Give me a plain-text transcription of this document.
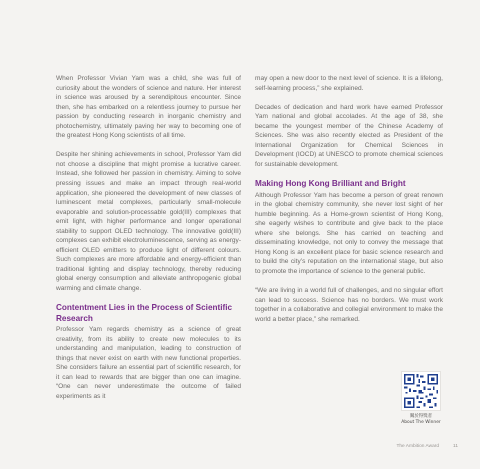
When Professor Vivian Yam was a child, she was full of curiosity about the wonders of science and nature. Her interest in science was aroused by a serendipitous encounter. Since then, she has embarked on a relentless journey to pursue her passion by conducting research in inorganic chemistry and photochemistry, ultimately paving her way to becoming one of the greatest Hong Kong scientists of all time.

Despite her shining achievements in school, Professor Yam did not choose a discipline that might promise a lucrative career. Instead, she followed her passion in chemistry. Aiming to solve pressing issues and make an impact through real-world application, she pioneered the development of new classes of luminescent metal complexes, particularly small-molecule evaporable and solution-processable gold(III) complexes that emit light, with higher performance and longer operational stability to support OLED technology. The innovative gold(III) complexes can exhibit electroluminescence, serving as energy-efficient OLED emitters to produce light of different colours. Such complexes are more affordable and energy-efficient than traditional lighting and display technology, thereby reducing global energy consumption and alleviate anthropogenic global warming and climate change.

Contentment Lies in the Process of Scientific Research

Professor Yam regards chemistry as a science of great creativity, from its ability to create new molecules to its understanding and manipulation, leading to construction of things that never exist on earth with new functional properties. She considers failure an essential part of scientific research, for it can lead to rewards that are bigger than one can imagine. “One can never underestimate the outcome of failed experiments as it

may open a new door to the next level of science. It is a lifelong, self-learning process,” she explained.

Decades of dedication and hard work have earned Professor Yam national and global accolades. At the age of 38, she became the youngest member of the Chinese Academy of Sciences. She was also recently elected as President of the International Organization for Chemical Sciences in Development (IOCD) at UNESCO to promote chemical sciences for sustainable development.

Making Hong Kong Brilliant and Bright

Although Professor Yam has become a person of great renown in the global chemistry community, she never lost sight of her humble beginning. As a Home-grown scientist of Hong Kong, she eagerly wishes to contribute and give back to the place where she belongs. She has carried on teaching and disseminating knowledge, not only to convey the message that Hong Kong is an excellent place for basic science research and to build the city’s reputation on the international stage, but also to promote the importance of science to the general public.

“We are living in a world full of challenges, and no singular effort can lead to success. Science has no borders. We must work together in a collaborative and collegial environment to make the world a better place,” she remarked.

關於得獎者
About The Winner
The Ambition Award	11
